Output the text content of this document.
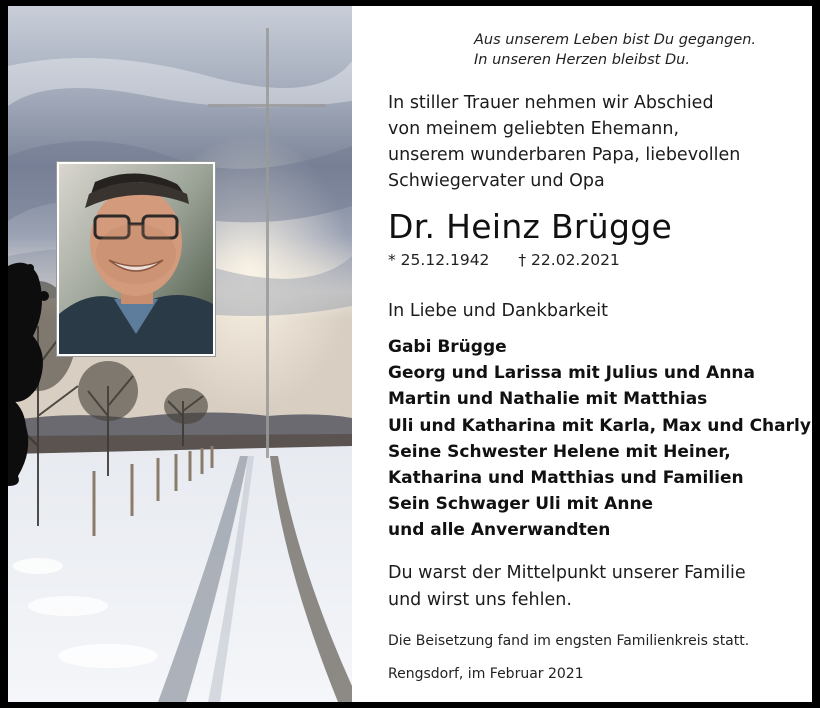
Aus unserem Leben bist Du gegangen.
In unseren Herzen bleibst Du.
In stiller Trauer nehmen wir Abschied
von meinem geliebten Ehemann,
unserem wunderbaren Papa, liebevollen
Schwiegervater und Opa
Dr. Heinz Brügge
* 25.12.1942 † 22.02.2021
In Liebe und Dankbarkeit
Gabi Brügge
Georg und Larissa mit Julius und Anna
Martin und Nathalie mit Matthias
Uli und Katharina mit Karla, Max und Charly
Seine Schwester Helene mit Heiner,
Katharina und Matthias und Familien
Sein Schwager Uli mit Anne
und alle Anverwandten
Du warst der Mittelpunkt unserer Familie
und wirst uns fehlen.
Die Beisetzung fand im engsten Familienkreis statt.
Rengsdorf, im Februar 2021
